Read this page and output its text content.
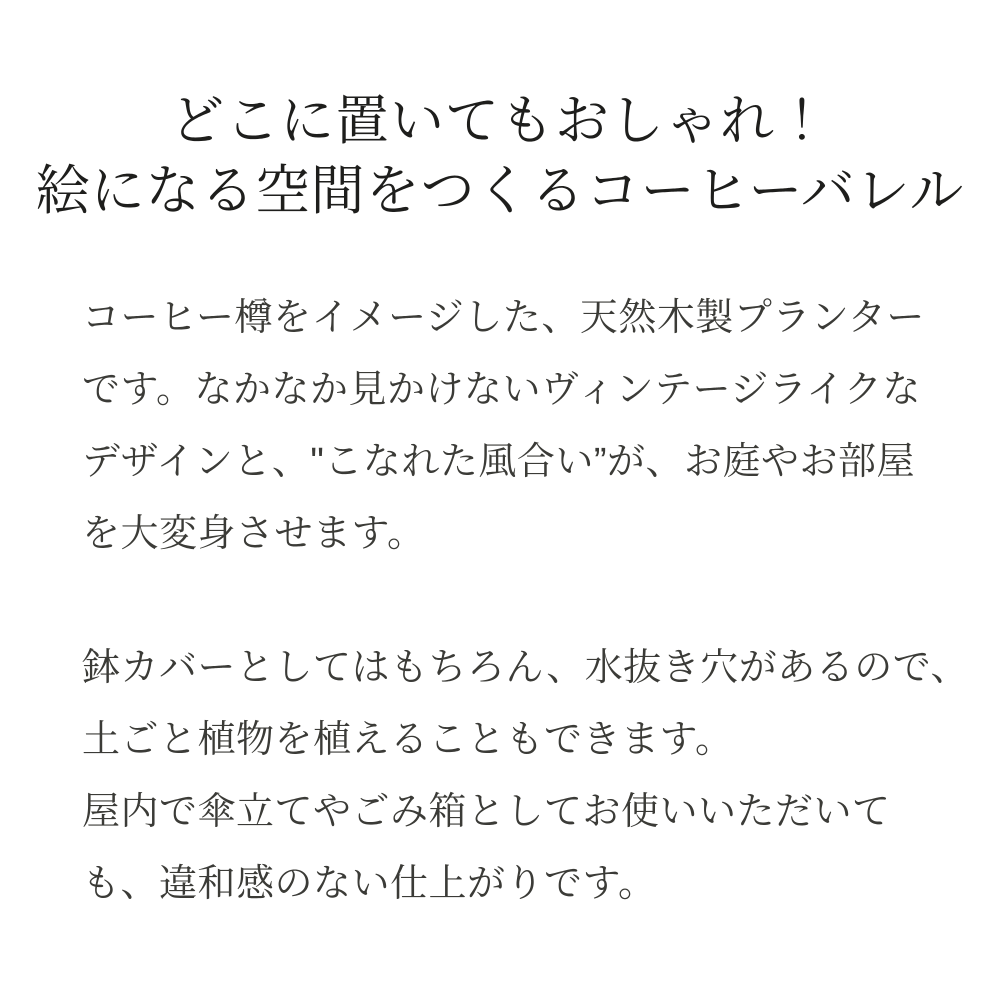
どこに置いてもおしゃれ！
絵になる空間をつくるコーヒーバレル
コーヒー樽をイメージした、天然木製プランター
です。なかなか見かけないヴィンテージライクな
デザインと、"こなれた風合い”が、お庭やお部屋
を大変身させます。
鉢カバーとしてはもちろん、水抜き穴があるので、
土ごと植物を植えることもできます。
屋内で傘立てやごみ箱としてお使いいただいて
も、違和感のない仕上がりです。
